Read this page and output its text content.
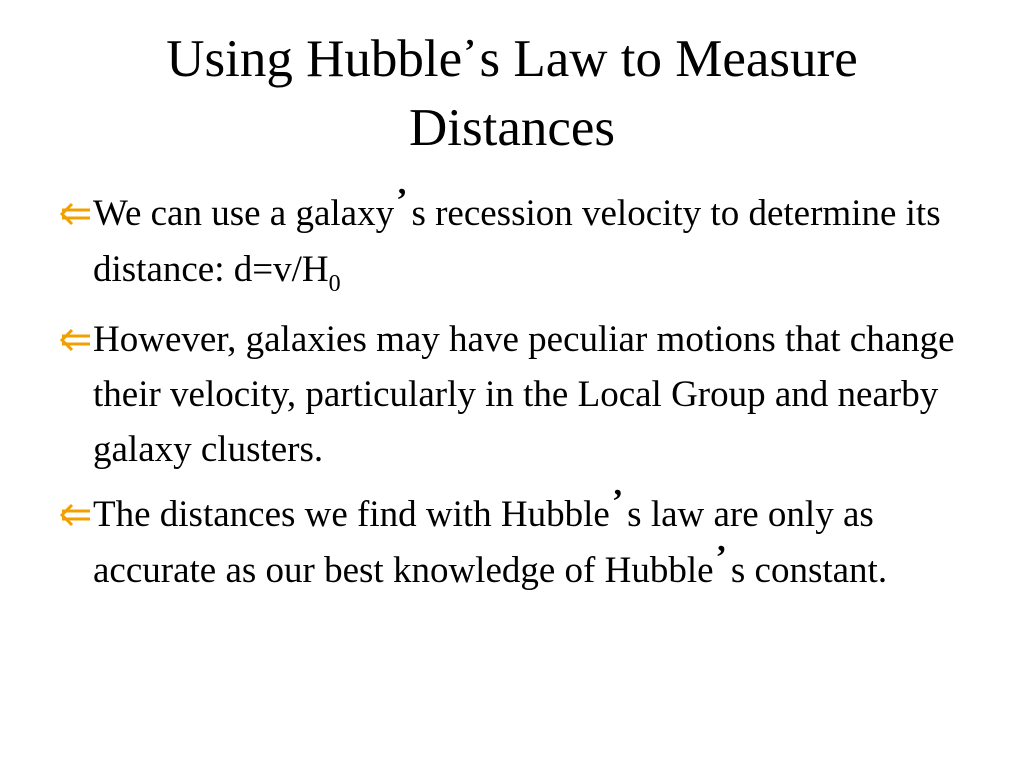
Using Hubble’s Law to Measure
Distances
We can use a galaxy’ s recession velocity to determine its distance: $d=v/H_0$
However, galaxies may have peculiar motions that change their velocity, particularly in the Local Group and nearby galaxy clusters.
The distances we find with Hubble’ s law are only as accurate as our best knowledge of Hubble’ s constant.
